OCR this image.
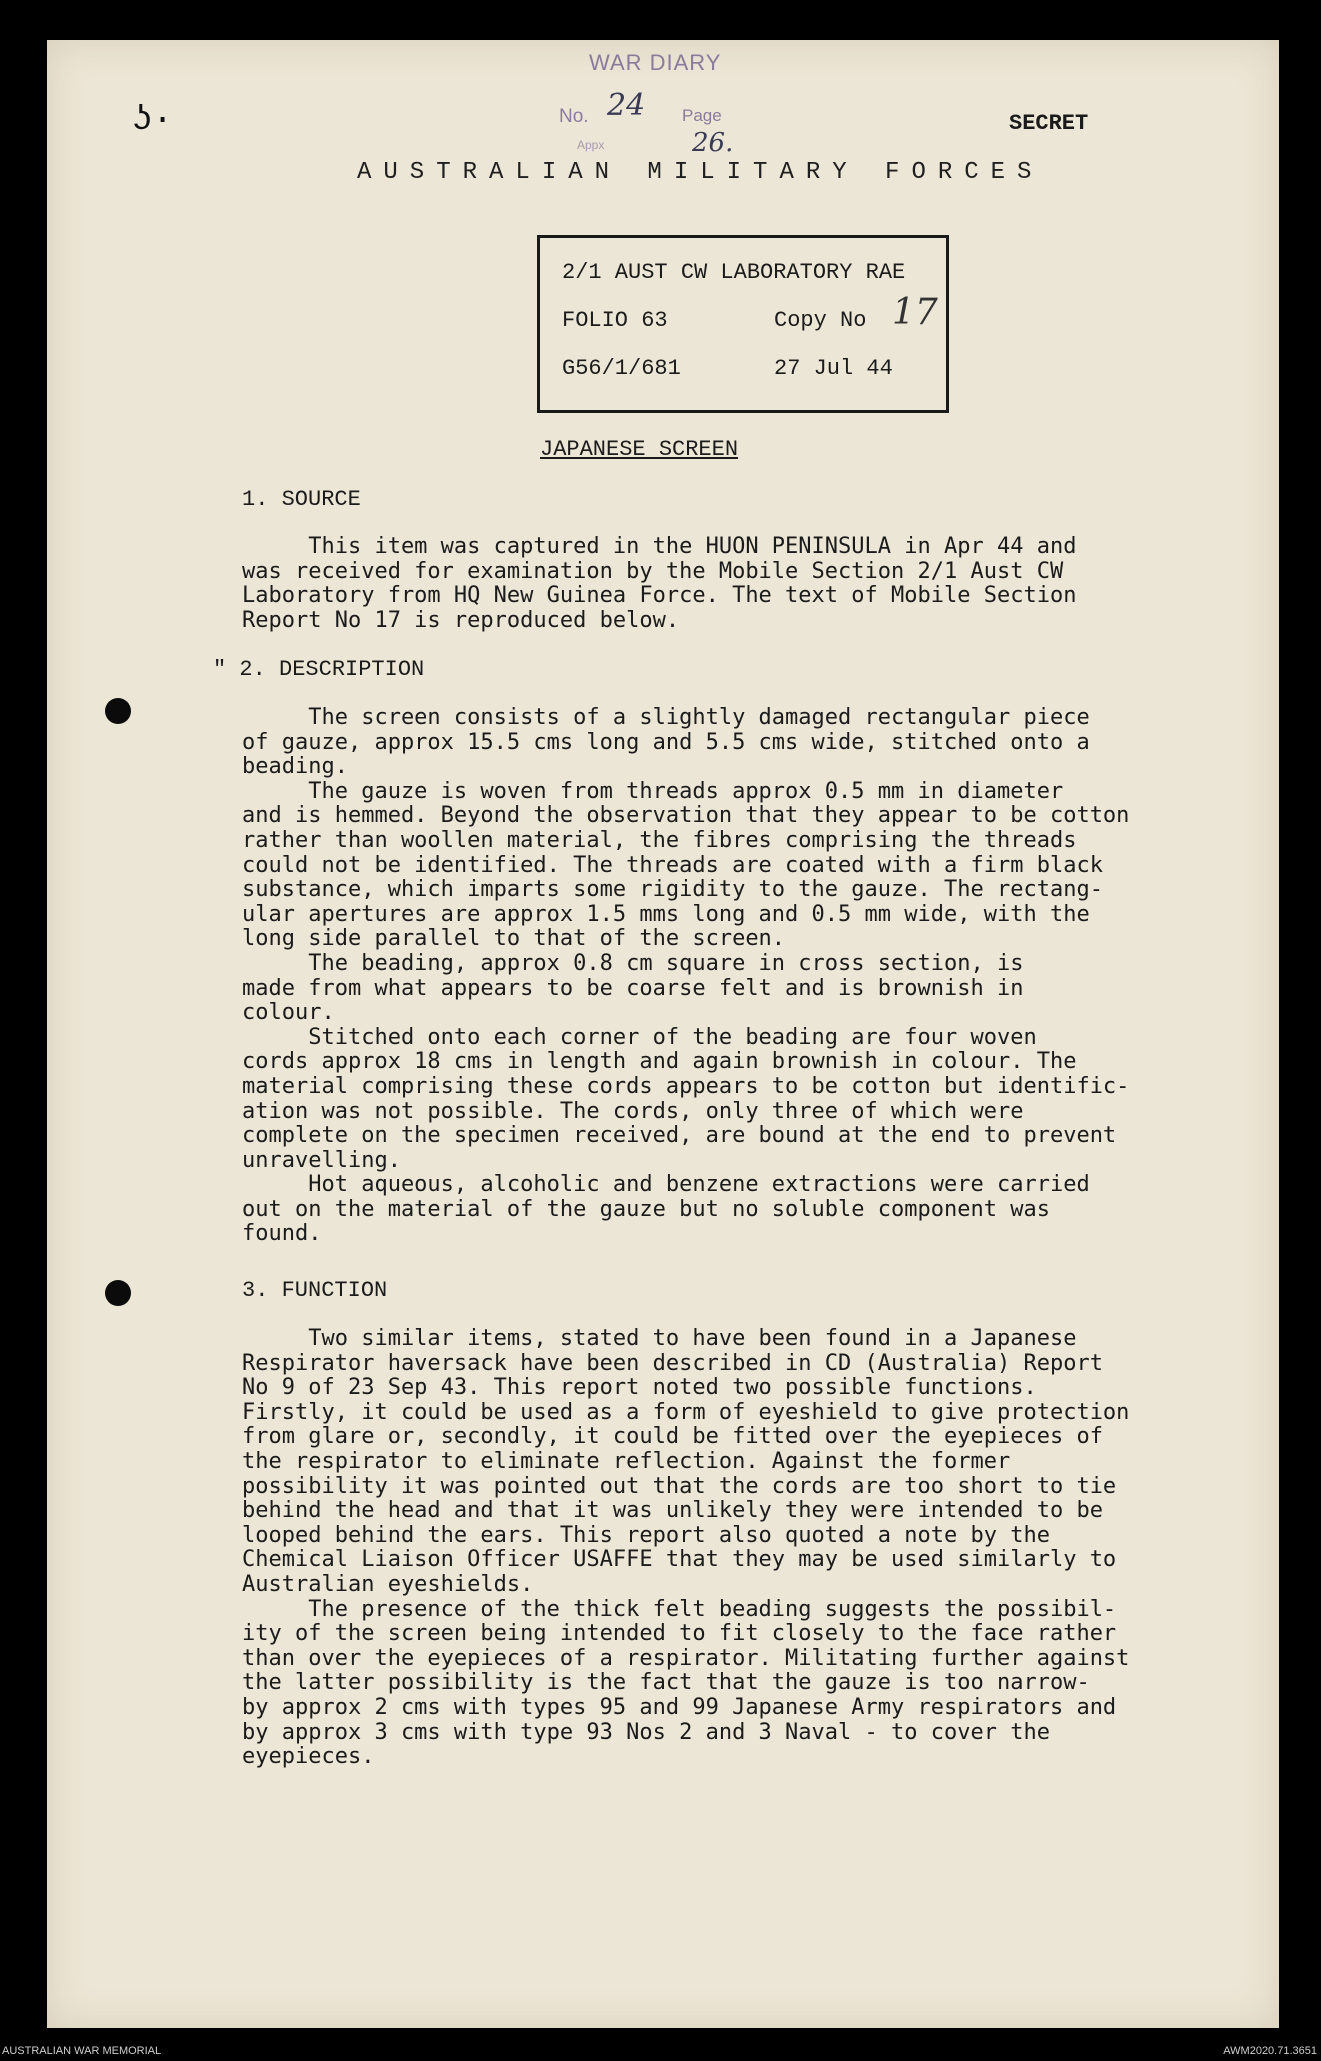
ʖ·
WAR DIARY
No. 24 Page
Appx	26.
SECRET
AUSTRALIAN MILITARY FORCES
2/1 AUST CW LABORATORY RAE
FOLIO 63	Copy No 17
G56/1/681	27 Jul 44
JAPANESE SCREEN
1. SOURCE
This item was captured in the HUON PENINSULA in Apr 44 and
was received for examination by the Mobile Section 2/1 Aust CW
Laboratory from HQ New Guinea Force. The text of Mobile Section
Report No 17 is reproduced below.
" 2. DESCRIPTION
The screen consists of a slightly damaged rectangular piece
of gauze, approx 15.5 cms long and 5.5 cms wide, stitched onto a
beading.
The gauze is woven from threads approx 0.5 mm in diameter
and is hemmed. Beyond the observation that they appear to be cotton
rather than woollen material, the fibres comprising the threads
could not be identified. The threads are coated with a firm black
substance, which imparts some rigidity to the gauze. The rectang-
ular apertures are approx 1.5 mms long and 0.5 mm wide, with the
long side parallel to that of the screen.
The beading, approx 0.8 cm square in cross section, is
made from what appears to be coarse felt and is brownish in
colour.
Stitched onto each corner of the beading are four woven
cords approx 18 cms in length and again brownish in colour. The
material comprising these cords appears to be cotton but identific-
ation was not possible. The cords, only three of which were
complete on the specimen received, are bound at the end to prevent
unravelling.
Hot aqueous, alcoholic and benzene extractions were carried
out on the material of the gauze but no soluble component was
found.
3. FUNCTION
Two similar items, stated to have been found in a Japanese
Respirator haversack have been described in CD (Australia) Report
No 9 of 23 Sep 43. This report noted two possible functions.
Firstly, it could be used as a form of eyeshield to give protection
from glare or, secondly, it could be fitted over the eyepieces of
the respirator to eliminate reflection. Against the former
possibility it was pointed out that the cords are too short to tie
behind the head and that it was unlikely they were intended to be
looped behind the ears. This report also quoted a note by the
Chemical Liaison Officer USAFFE that they may be used similarly to
Australian eyeshields.
The presence of the thick felt beading suggests the possibil-
ity of the screen being intended to fit closely to the face rather
than over the eyepieces of a respirator. Militating further against
the latter possibility is the fact that the gauze is too narrow-
by approx 2 cms with types 95 and 99 Japanese Army respirators and
by approx 3 cms with type 93 Nos 2 and 3 Naval - to cover the
eyepieces.
AUSTRALIAN WAR MEMORIAL	AWM2020.71.3651
